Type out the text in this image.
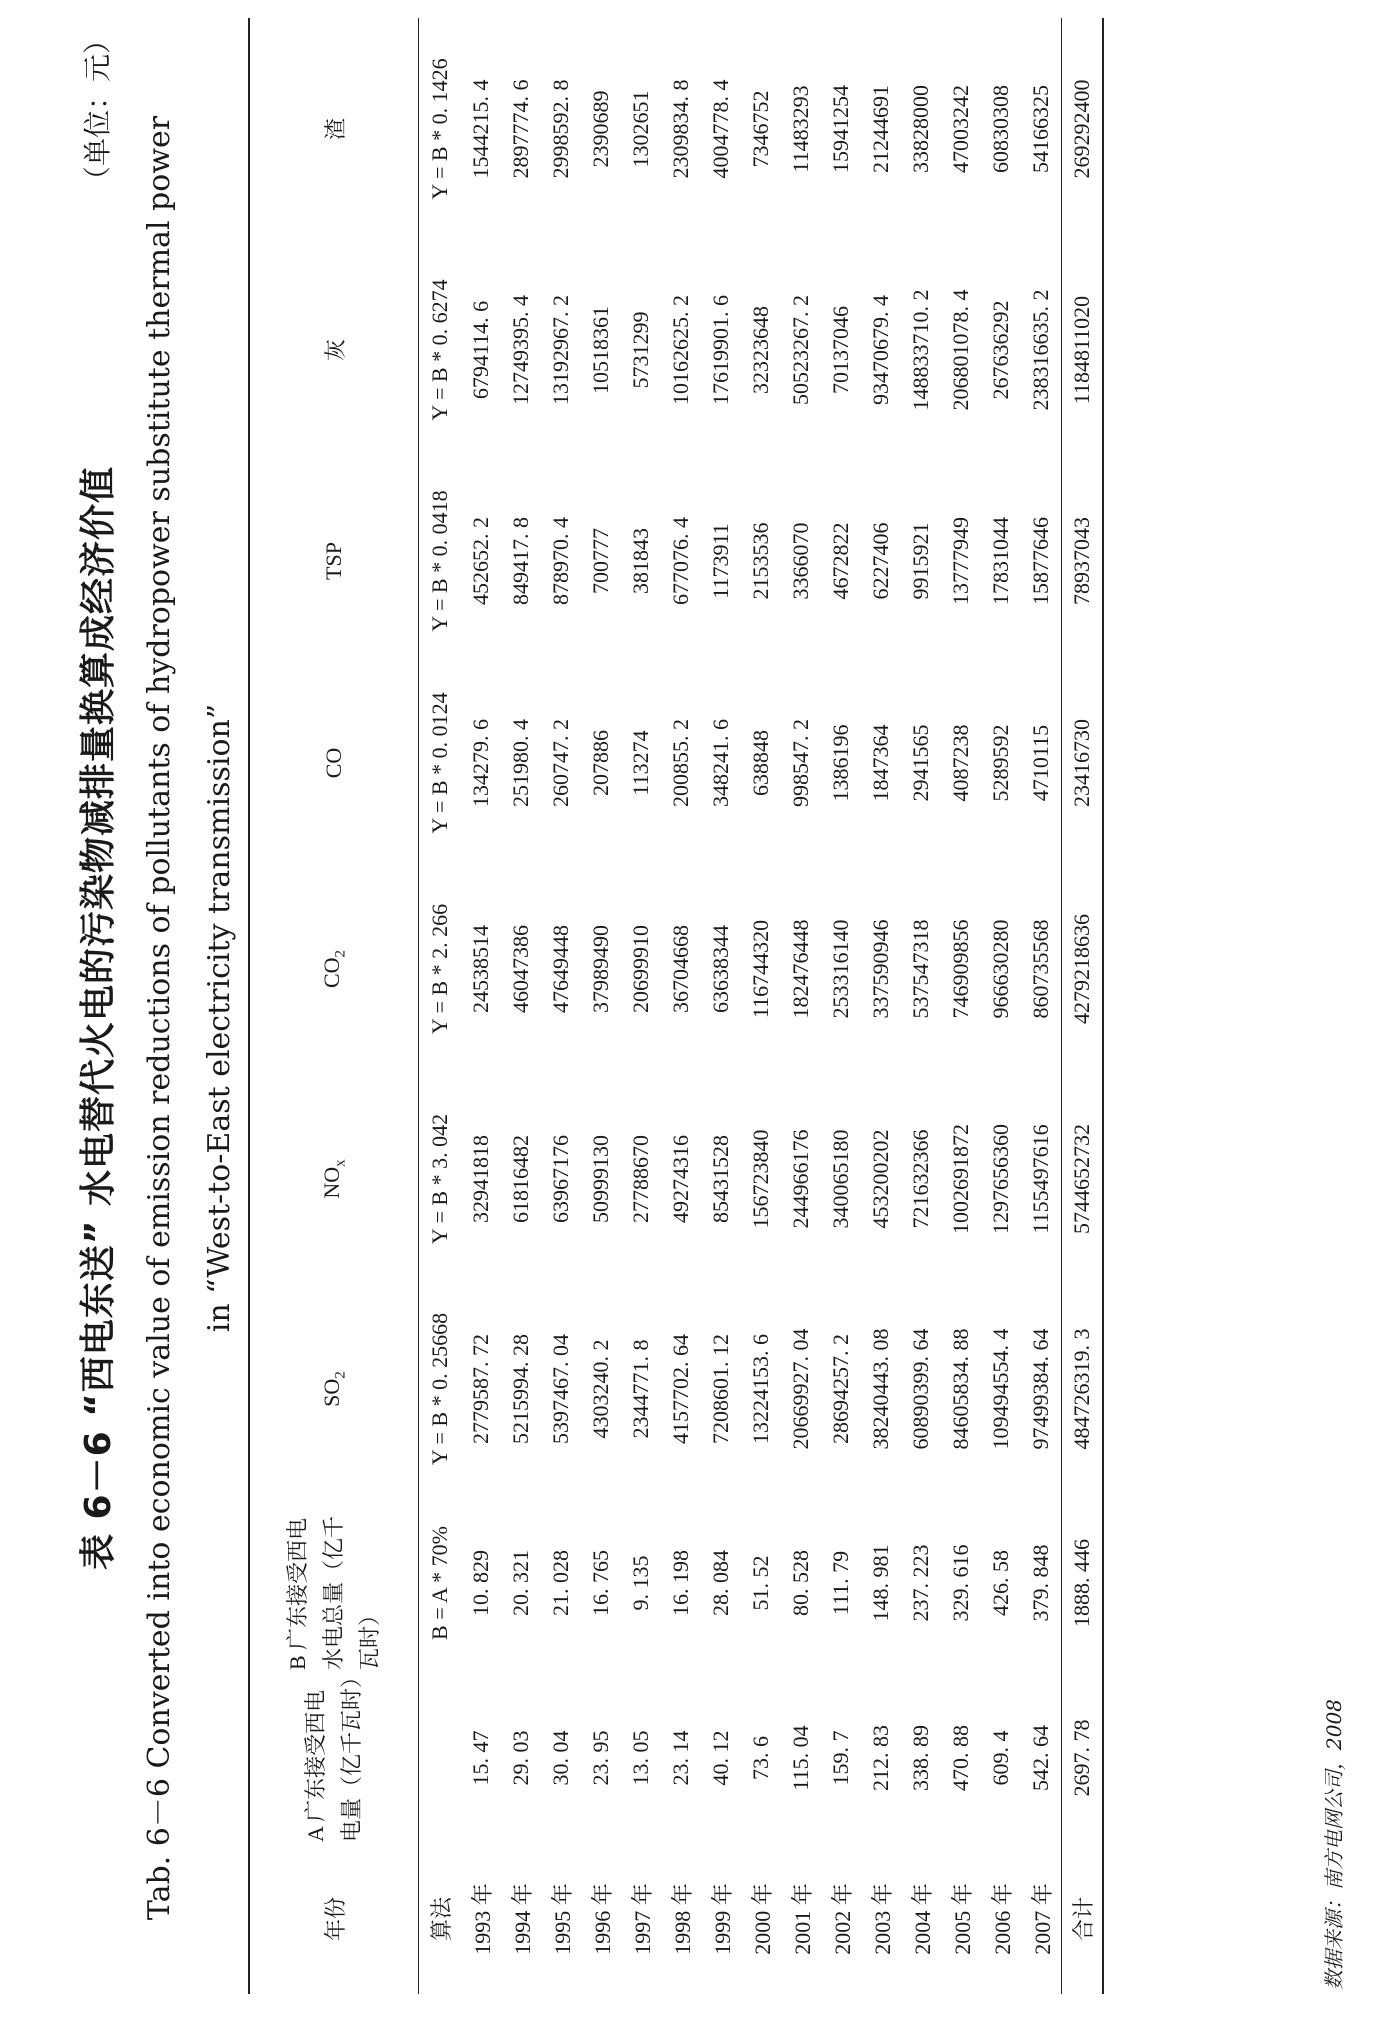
表 6－6 “西电东送” 水电替代火电的污染物减排量换算成经济价值
（单位：元）
Tab. 6－6 Converted into economic value of emission reductions of pollutants of hydropower substitute thermal power in “West-to-East electricity transmission”
年份	A 广东接受西电电量（亿千瓦时）	B 广东接受西电水电总量（亿千瓦时）	$SO_2$	$NO_x$	$CO_2$	CO	TSP	灰	渣
算法		B = A * 70%	Y = B * 0. 25668	Y = B * 3. 042	Y = B * 2. 266	Y = B * 0. 0124	Y = B * 0. 0418	Y = B * 0. 6274	Y = B * 0. 1426
1993 年	15. 47	10. 829	2779587. 72	32941818	24538514	134279. 6	452652. 2	6794114. 6	1544215. 4
1994 年	29. 03	20. 321	5215994. 28	61816482	46047386	251980. 4	849417. 8	12749395. 4	2897774. 6
1995 年	30. 04	21. 028	5397467. 04	63967176	47649448	260747. 2	878970. 4	13192967. 2	2998592. 8
1996 年	23. 95	16. 765	4303240. 2	50999130	37989490	207886	700777	10518361	2390689
1997 年	13. 05	9. 135	2344771. 8	27788670	20699910	113274	381843	5731299	1302651
1998 年	23. 14	16. 198	4157702. 64	49274316	36704668	200855. 2	677076. 4	10162625. 2	2309834. 8
1999 年	40. 12	28. 084	7208601. 12	85431528	63638344	348241. 6	1173911	17619901. 6	4004778. 4
2000 年	73. 6	51. 52	13224153. 6	156723840	116744320	638848	2153536	32323648	7346752
2001 年	115. 04	80. 528	20669927. 04	244966176	182476448	998547. 2	3366070	50523267. 2	11483293
2002 年	159. 7	111. 79	28694257. 2	340065180	253316140	1386196	4672822	70137046	15941254
2003 年	212. 83	148. 981	38240443. 08	453200202	337590946	1847364	6227406	93470679. 4	21244691
2004 年	338. 89	237. 223	60890399. 64	721632366	537547318	2941565	9915921	148833710. 2	33828000
2005 年	470. 88	329. 616	84605834. 88	1002691872	746909856	4087238	13777949	206801078. 4	47003242
2006 年	609. 4	426. 58	109494554. 4	1297656360	966630280	5289592	17831044	267636292	60830308
2007 年	542. 64	379. 848	97499384. 64	1155497616	860735568	4710115	15877646	238316635. 2	54166325
合计	2697. 78	1888. 446	484726319. 3	5744652732	4279218636	23416730	78937043	1184811020	269292400
数据来源：南方电网公司，2008
